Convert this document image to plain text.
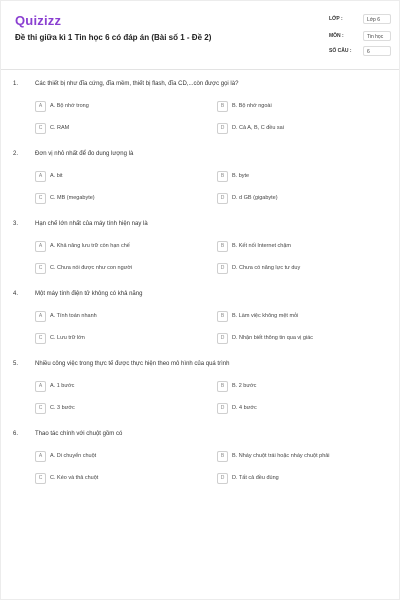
Quizizz
Đề thi giữa kì 1 Tin học 6 có đáp án (Bài số 1 - Đề 2)
LỚP :	Lớp 6
MÔN :	Tin học
SỐ CÂU :	6
1.	Các thiết bị như đĩa cứng, đĩa mềm, thiết bị flash, đĩa CD,...còn được gọi là?
A	A. Bộ nhớ trong	B	B. Bộ nhớ ngoài
C	C. RAM	D	D. Cả A, B, C đều sai
2.	Đơn vị nhỏ nhất để đo dung lượng là
A	A. bit	B	B. byte
C	C. MB (megabyte)	D	D. d GB (gigabyte)
3.	Hạn chế lớn nhất của máy tính hiện nay là
A	A. Khả năng lưu trữ còn hạn chế	B	B. Kết nối Internet chậm
C	C. Chưa nói được như con người	D	D. Chưa có năng lực tư duy
4.	Một máy tính điện tử không có khả năng
A	A. Tính toán nhanh	B	B. Làm việc không mệt mỏi
C	C. Lưu trữ lớn	D	D. Nhận biết thông tin qua vị giác
5.	Nhiều công việc trong thực tế được thực hiện theo mô hình của quá trình
A	A. 1 bước	B	B. 2 bước
C	C. 3 bước	D	D. 4 bước
6.	Thao tác chính với chuột gồm có
A	A. Di chuyển chuột	B	B. Nháy chuột trái hoặc nháy chuột phải
C	C. Kéo và thả chuột	D	D. Tất cả đều đúng
